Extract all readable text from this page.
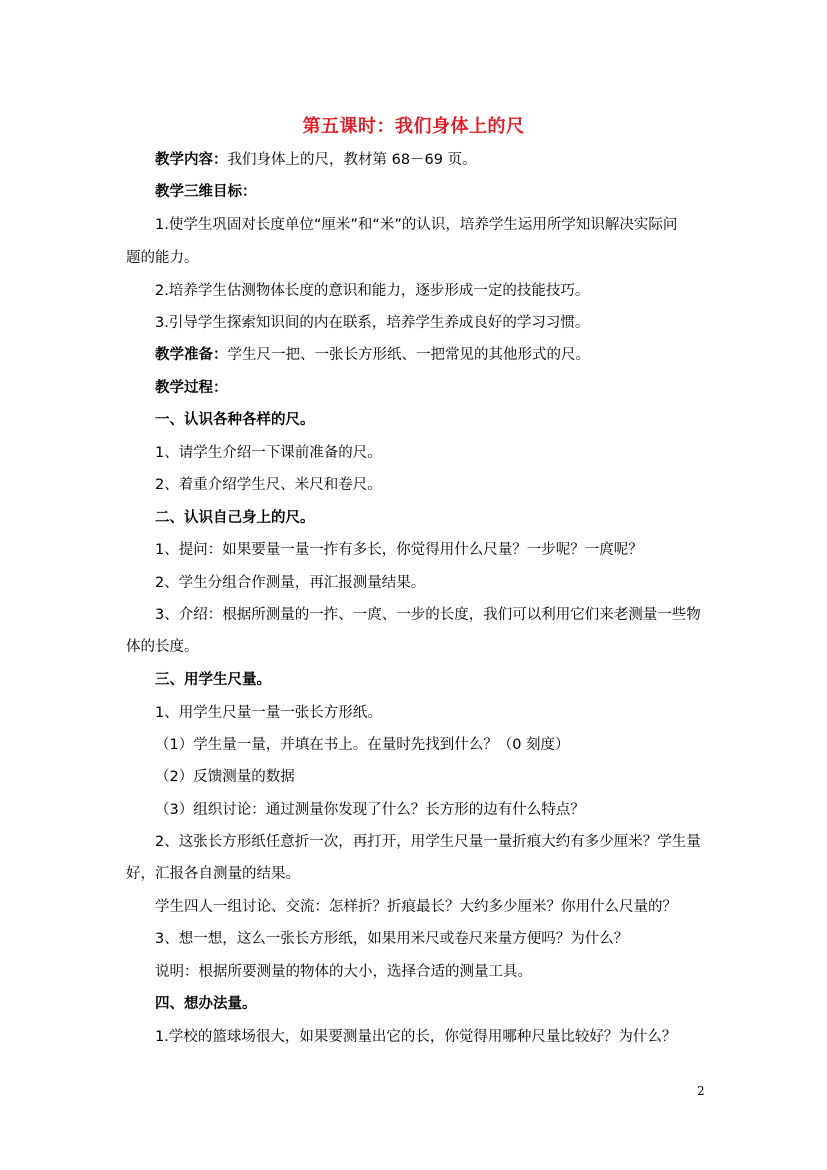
第五课时：我们身体上的尺
教学内容：我们身体上的尺，教材第 68－69 页。
教学三维目标：
1.使学生巩固对长度单位“厘米”和“米”的认识，培养学生运用所学知识解决实际问
题的能力。
2.培养学生估测物体长度的意识和能力，逐步形成一定的技能技巧。
3.引导学生探索知识间的内在联系，培养学生养成良好的学习习惯。
教学准备：学生尺一把、一张长方形纸、一把常见的其他形式的尺。
教学过程：
一、认识各种各样的尺。
1、请学生介绍一下课前准备的尺。
2、着重介绍学生尺、米尺和卷尺。
二、认识自己身上的尺。
1、提问：如果要量一量一拃有多长，你觉得用什么尺量？一步呢？一庹呢？
2、学生分组合作测量，再汇报测量结果。
3、介绍：根据所测量的一拃、一庹、一步的长度，我们可以利用它们来老测量一些物
体的长度。
三、用学生尺量。
1、用学生尺量一量一张长方形纸。
（1）学生量一量，并填在书上。在量时先找到什么？（0 刻度）
（2）反馈测量的数据
（3）组织讨论：通过测量你发现了什么？长方形的边有什么特点？
2、这张长方形纸任意折一次，再打开，用学生尺量一量折痕大约有多少厘米？学生量
好，汇报各自测量的结果。
学生四人一组讨论、交流：怎样折？折痕最长？大约多少厘米？你用什么尺量的？
3、想一想，这么一张长方形纸，如果用米尺或卷尺来量方便吗？为什么？
说明：根据所要测量的物体的大小，选择合适的测量工具。
四、想办法量。
1.学校的篮球场很大，如果要测量出它的长，你觉得用哪种尺量比较好？为什么？
2
